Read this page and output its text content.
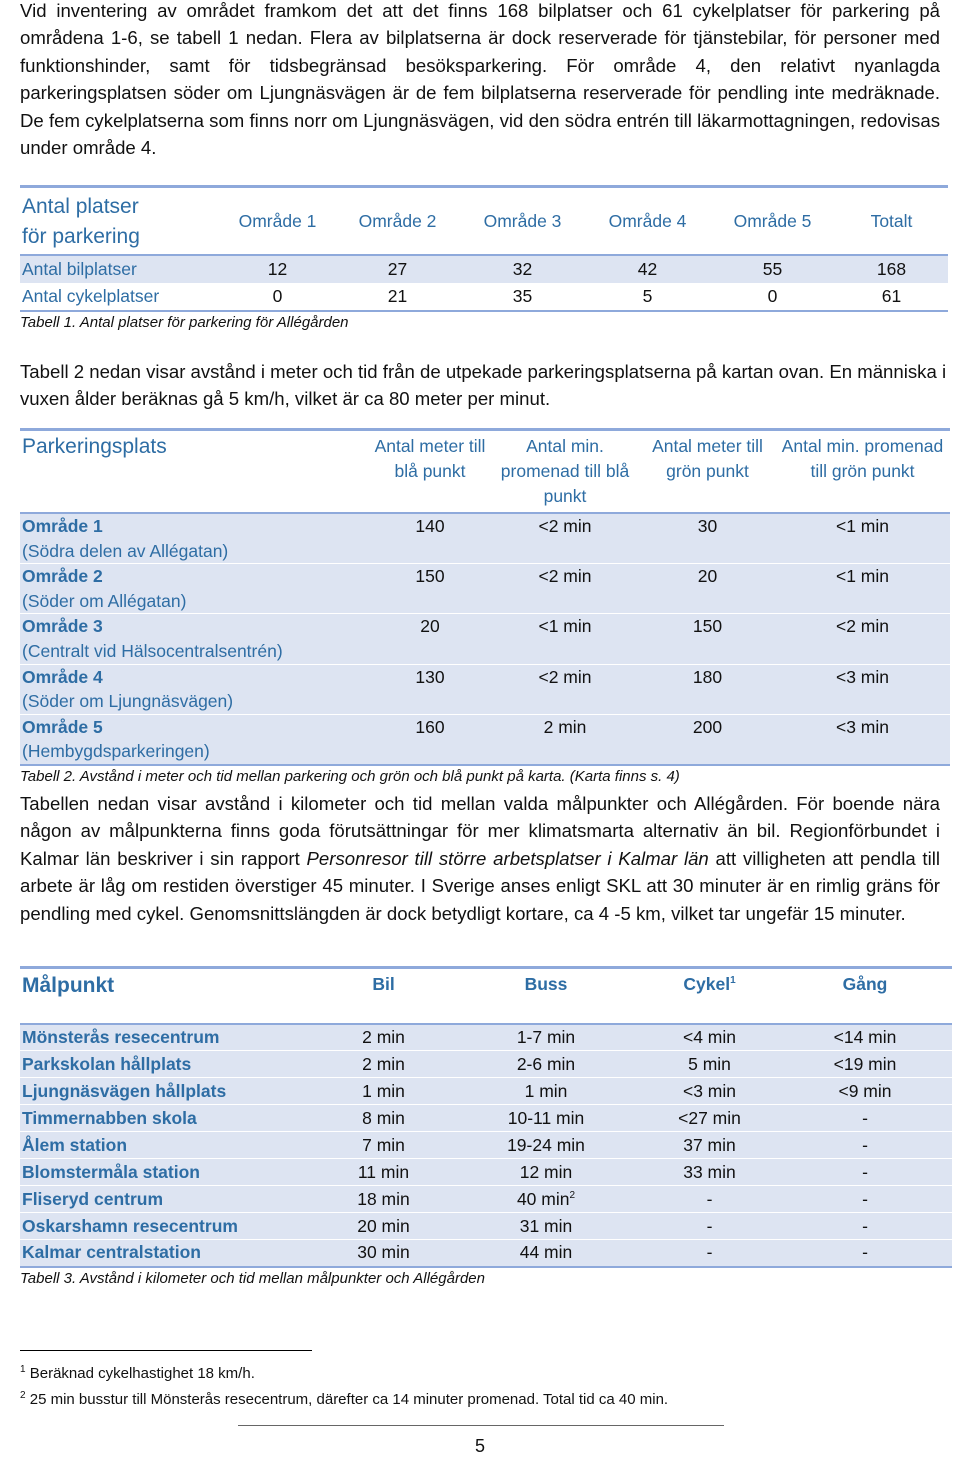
Vid inventering av området framkom det att det finns 168 bilplatser och 61 cykelplatser för parkering på områdena 1-6, se tabell 1 nedan. Flera av bilplatserna är dock reserverade för tjänstebilar, för personer med funktionshinder, samt för tidsbegränsad besöksparkering. För område 4, den relativt nyanlagda parkeringsplatsen söder om Ljungnäsvägen är de fem bilplatserna reserverade för pendling inte medräknade. De fem cykelplatserna som finns norr om Ljungnäsvägen, vid den södra entrén till läkarmottagningen, redovisas under område 4.

Antal platser
för parkering	Område 1	Område 2	Område 3	Område 4	Område 5	Totalt
Antal bilplatser	12	27	32	42	55	168
Antal cykelplatser	0	21	35	5	0	61
Tabell 1. Antal platser för parkering för Allégården

Tabell 2 nedan visar avstånd i meter och tid från de utpekade parkeringsplatserna på kartan ovan. En människa i vuxen ålder beräknas gå 5 km/h, vilket är ca 80 meter per minut.

Parkeringsplats	Antal meter till blå punkt	Antal min. promenad till blå punkt	Antal meter till grön punkt	Antal min. promenad till grön punkt
Område 1
(Södra delen av Allégatan)	140	<2 min	30	<1 min
Område 2
(Söder om Allégatan)	150	<2 min	20	<1 min
Område 3
(Centralt vid Hälsocentralsentrén)	20	<1 min	150	<2 min
Område 4
(Söder om Ljungnäsvägen)	130	<2 min	180	<3 min
Område 5
(Hembygdsparkeringen)	160	2 min	200	<3 min
Tabell 2. Avstånd i meter och tid mellan parkering och grön och blå punkt på karta. (Karta finns s. 4)

Tabellen nedan visar avstånd i kilometer och tid mellan valda målpunkter och Allégården. För boende nära någon av målpunkterna finns goda förutsättningar för mer klimatsmarta alternativ än bil. Regionförbundet i Kalmar län beskriver i sin rapport Personresor till större arbetsplatser i Kalmar län att villigheten att pendla till arbete är låg om restiden överstiger 45 minuter. I Sverige anses enligt SKL att 30 minuter är en rimlig gräns för pendling med cykel. Genomsnittslängden är dock betydligt kortare, ca 4 -5 km, vilket tar ungefär 15 minuter.

Målpunkt	Bil	Buss	Cykel$^1$	Gång
Mönsterås resecentrum	2 min	1-7 min	<4 min	<14 min
Parkskolan hållplats	2 min	2-6 min	5 min	<19 min
Ljungnäsvägen hållplats	1 min	1 min	<3 min	<9 min
Timmernabben skola	8 min	10-11 min	<27 min	-
Ålem station	7 min	19-24 min	37 min	-
Blomstermåla station	11 min	12 min	33 min	-
Fliseryd centrum	18 min	40 $\min^2$	-	-
Oskarshamn resecentrum	20 min	31 min	-	-
Kalmar centralstation	30 min	44 min	-	-
Tabell 3. Avstånd i kilometer och tid mellan målpunkter och Allégården
$^1$ Beräknad cykelhastighet 18 km/h.
$^2$ 25 min busstur till Mönsterås resecentrum, därefter ca 14 minuter promenad. Total tid ca 40 min.
5
